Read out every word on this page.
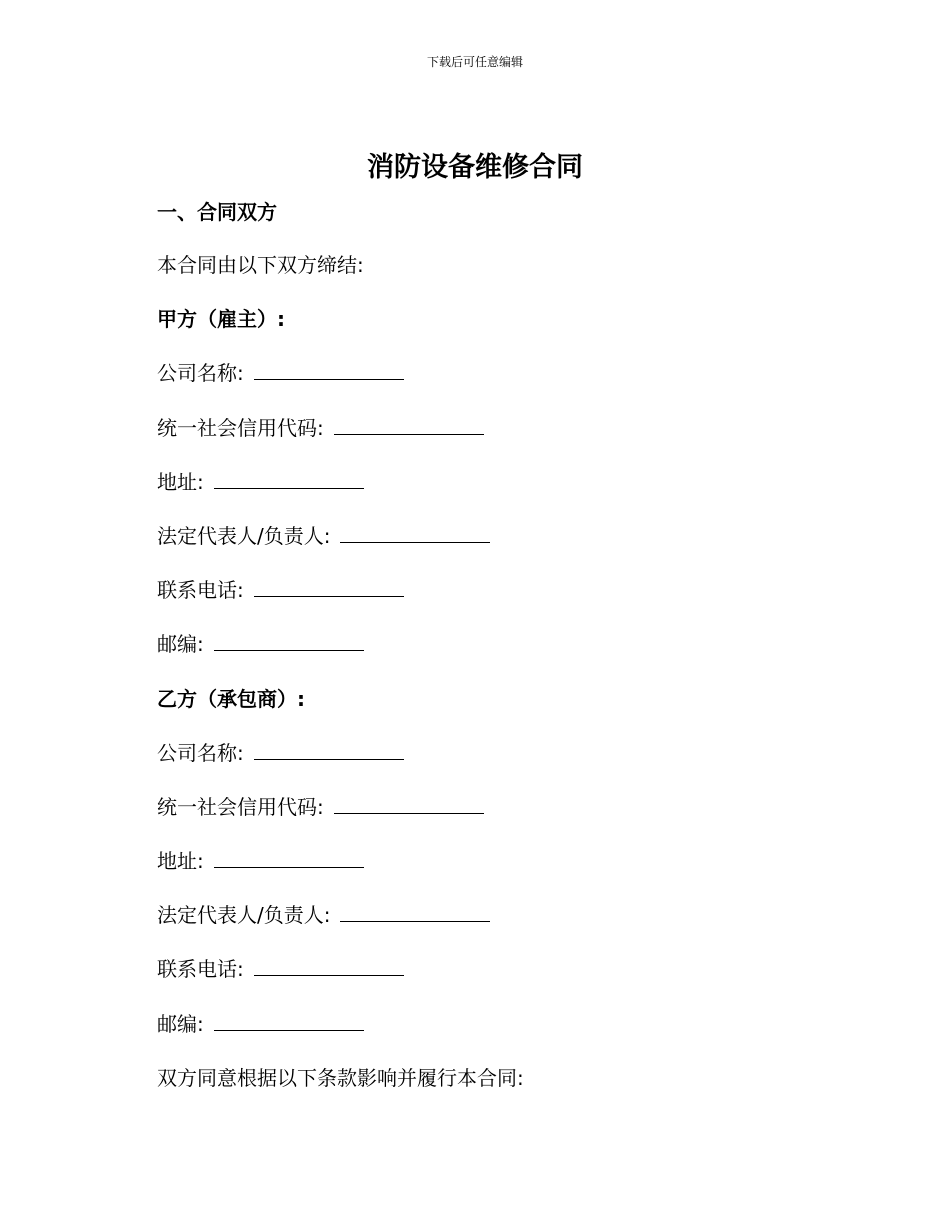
下载后可任意编辑
消防设备维修合同
一、合同双方
本合同由以下双方缔结:
甲方（雇主）:
公司名称:
统一社会信用代码:
地址:
法定代表人/负责人:
联系电话:
邮编:
乙方（承包商）:
公司名称:
统一社会信用代码:
地址:
法定代表人/负责人:
联系电话:
邮编:
双方同意根据以下条款影响并履行本合同:
